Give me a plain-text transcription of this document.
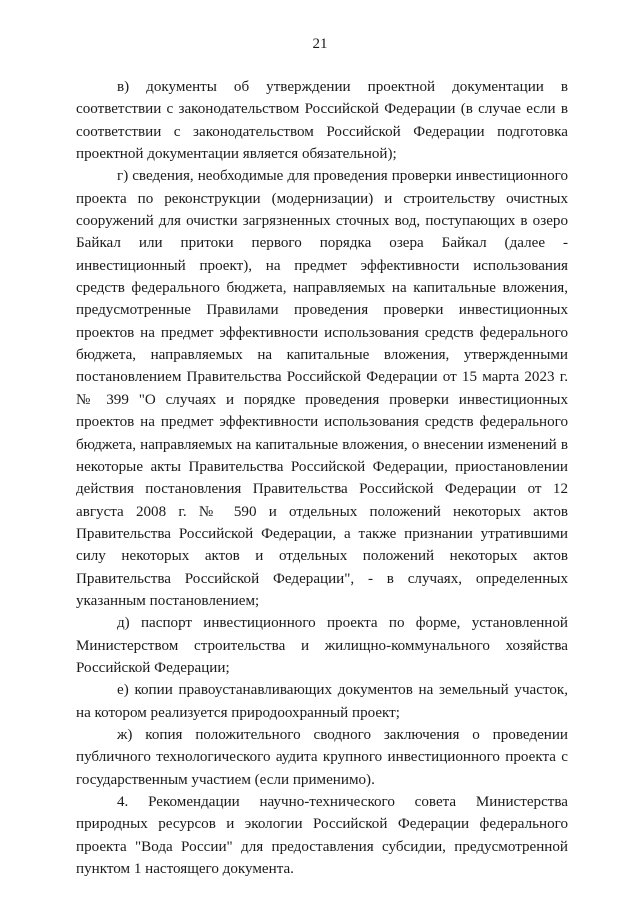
21

в) документы об утверждении проектной документации в соответствии с законодательством Российской Федерации (в случае если в соответствии с законодательством Российской Федерации подготовка проектной документации является обязательной);

г) сведения, необходимые для проведения проверки инвестиционного проекта по реконструкции (модернизации) и строительству очистных сооружений для очистки загрязненных сточных вод, поступающих в озеро Байкал или притоки первого порядка озера Байкал (далее - инвестиционный проект), на предмет эффективности использования средств федерального бюджета, направляемых на капитальные вложения, предусмотренные Правилами проведения проверки инвестиционных проектов на предмет эффективности использования средств федерального бюджета, направляемых на капитальные вложения, утвержденными постановлением Правительства Российской Федерации от 15 марта 2023 г. № 399 "О случаях и порядке проведения проверки инвестиционных проектов на предмет эффективности использования средств федерального бюджета, направляемых на капитальные вложения, о внесении изменений в некоторые акты Правительства Российской Федерации, приостановлении действия постановления Правительства Российской Федерации от 12 августа 2008 г. № 590 и отдельных положений некоторых актов Правительства Российской Федерации, а также признании утратившими силу некоторых актов и отдельных положений некоторых актов Правительства Российской Федерации", - в случаях, определенных указанным постановлением;

д) паспорт инвестиционного проекта по форме, установленной Министерством строительства и жилищно-коммунального хозяйства Российской Федерации;

е) копии правоустанавливающих документов на земельный участок, на котором реализуется природоохранный проект;

ж) копия положительного сводного заключения о проведении публичного технологического аудита крупного инвестиционного проекта с государственным участием (если применимо).

4. Рекомендации научно-технического совета Министерства природных ресурсов и экологии Российской Федерации федерального проекта "Вода России" для предоставления субсидии, предусмотренной пунктом 1 настоящего документа.
